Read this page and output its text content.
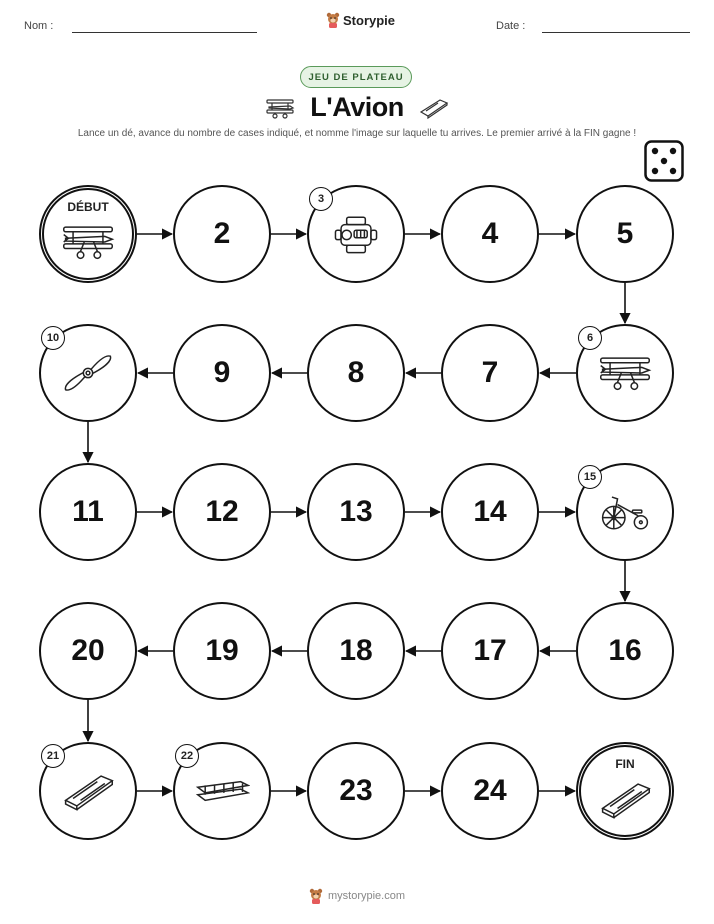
Nom :	Storypie	Date :
JEU DE PLATEAU
L'Avion
Lance un dé, avance du nombre de cases indiqué, et nomme l'image sur laquelle tu arrives. Le premier arrivé à la FIN gagne !
DÉBUT
2
3
4	5
6
7
8
9
10
11	12	13	14
15
16
17
18
19
20
21	22
23	24
FIN
mystorypie.com
